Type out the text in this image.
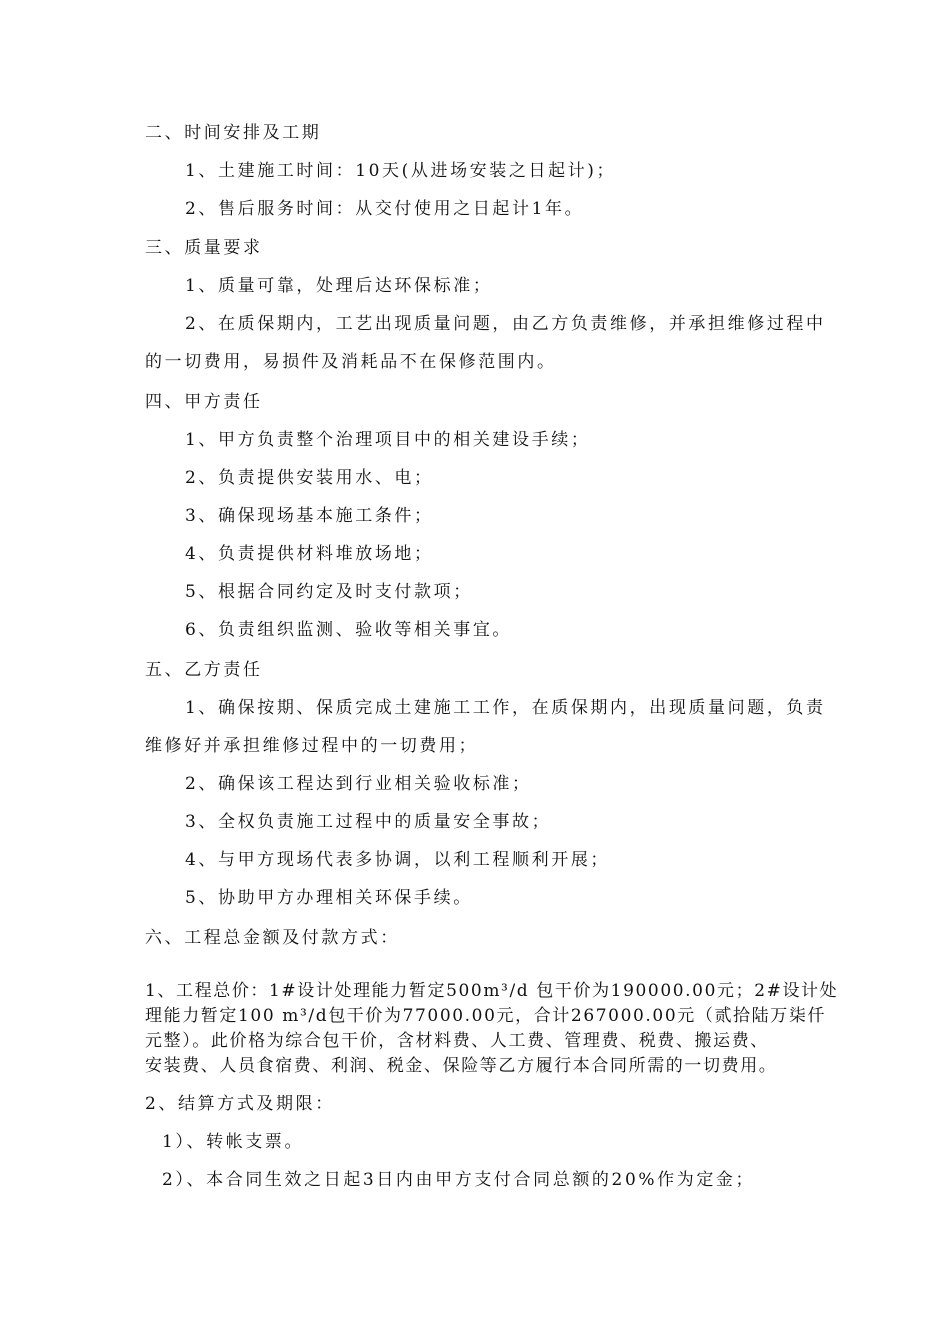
二、时间安排及工期
1、土建施工时间：10天(从进场安装之日起计)；
2、售后服务时间：从交付使用之日起计1年。
三、质量要求
1、质量可靠，处理后达环保标准；
2、在质保期内，工艺出现质量问题，由乙方负责维修，并承担维修过程中
的一切费用，易损件及消耗品不在保修范围内。
四、甲方责任
1、甲方负责整个治理项目中的相关建设手续；
2、负责提供安装用水、电；
3、确保现场基本施工条件；
4、负责提供材料堆放场地；
5、根据合同约定及时支付款项；
6、负责组织监测、验收等相关事宜。
五、乙方责任
1、确保按期、保质完成土建施工工作，在质保期内，出现质量问题，负责
维修好并承担维修过程中的一切费用；
2、确保该工程达到行业相关验收标准；
3、全权负责施工过程中的质量安全事故；
4、与甲方现场代表多协调，以利工程顺利开展；
5、协助甲方办理相关环保手续。
六、工程总金额及付款方式：
1、工程总价：1#设计处理能力暂定500m³/d 包干价为190000.00元；2#设计处
理能力暂定100 m³/d包干价为77000.00元，合计267000.00元（贰拾陆万柒仟
元整）。此价格为综合包干价，含材料费、人工费、管理费、税费、搬运费、
安装费、人员食宿费、利润、税金、保险等乙方履行本合同所需的一切费用。
2、结算方式及期限：
1）、转帐支票。
2）、本合同生效之日起3日内由甲方支付合同总额的20%作为定金；
